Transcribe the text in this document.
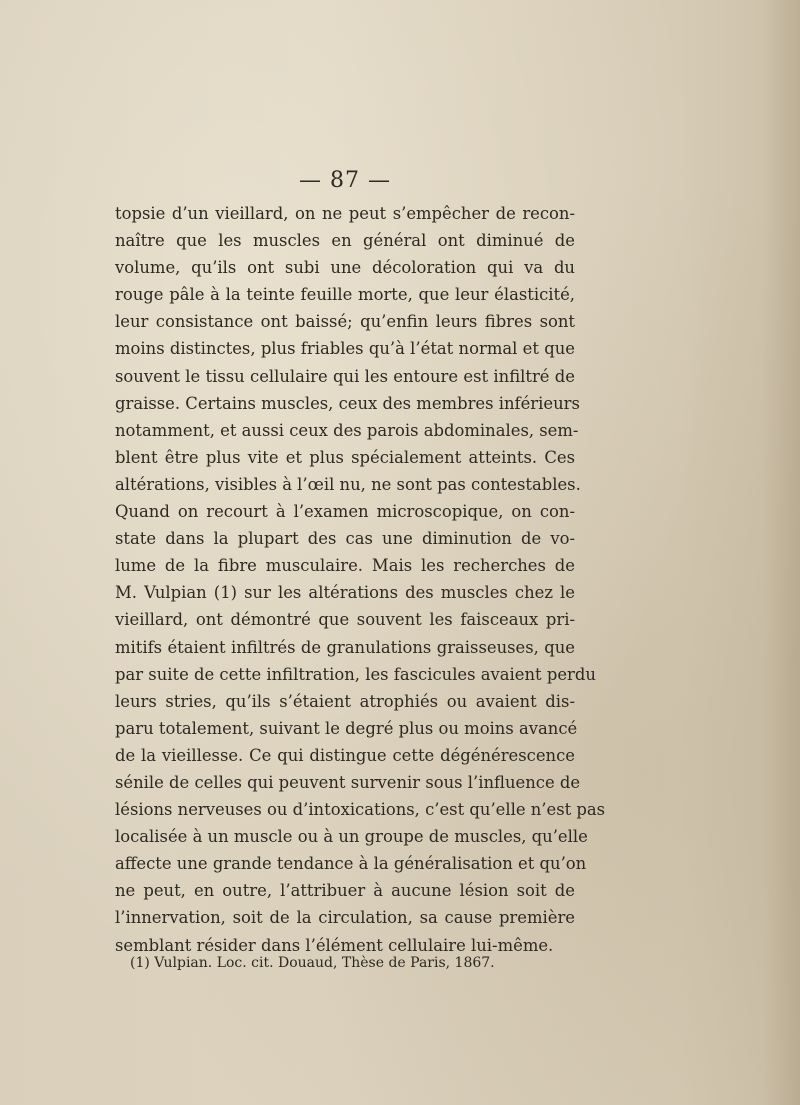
— 87 —
topsie d’un vieillard, on ne peut s’empêcher de recon-
naître que les muscles en général ont diminué de
volume, qu’ils ont subi une décoloration qui va du
rouge pâle à la teinte feuille morte, que leur élasticité,
leur consistance ont baissé; qu’enfin leurs fibres sont
moins distinctes, plus friables qu’à l’état normal et que
souvent le tissu cellulaire qui les entoure est infiltré de
graisse. Certains muscles, ceux des membres inférieurs
notamment, et aussi ceux des parois abdominales, sem-
blent être plus vite et plus spécialement atteints. Ces
altérations, visibles à l’œil nu, ne sont pas contestables.
Quand on recourt à l’examen microscopique, on con-
state dans la plupart des cas une diminution de vo-
lume de la fibre musculaire. Mais les recherches de
M. Vulpian (1) sur les altérations des muscles chez le
vieillard, ont démontré que souvent les faisceaux pri-
mitifs étaient infiltrés de granulations graisseuses, que
par suite de cette infiltration, les fascicules avaient perdu
leurs stries, qu’ils s’étaient atrophiés ou avaient dis-
paru totalement, suivant le degré plus ou moins avancé
de la vieillesse. Ce qui distingue cette dégénérescence
sénile de celles qui peuvent survenir sous l’influence de
lésions nerveuses ou d’intoxications, c’est qu’elle n’est pas
localisée à un muscle ou à un groupe de muscles, qu’elle
affecte une grande tendance à la généralisation et qu’on
ne peut, en outre, l’attribuer à aucune lésion soit de
l’innervation, soit de la circulation, sa cause première
semblant résider dans l’élément cellulaire lui-même.
(1) Vulpian. Loc. cit. Douaud, Thèse de Paris, 1867.
